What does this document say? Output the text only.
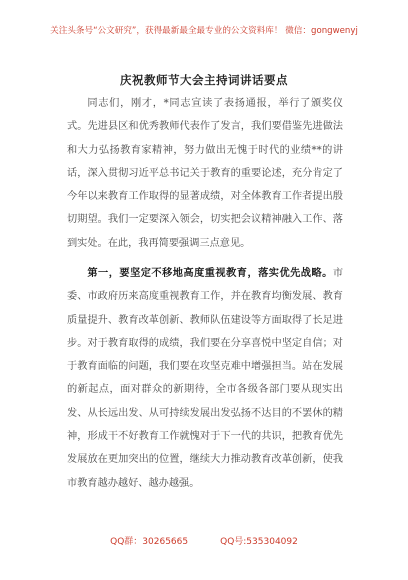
关注头条号“公文研究”，获得最新最全最专业的公文资料库！ 微信：gongwenyj
庆祝教师节大会主持词讲话要点

同志们，刚才，*同志宣读了表扬通报，举行了颁奖仪式。先进县区和优秀教师代表作了发言，我们要借鉴先进做法和大力弘扬教育家精神，努力做出无愧于时代的业绩**的讲话，深入贯彻习近平总书记关于教育的重要论述，充分肯定了今年以来教育工作取得的显著成绩，对全体教育工作者提出殷切期望。我们一定要深入领会，切实把会议精神融入工作、落到实处。在此，我再简要强调三点意见。

第一，要坚定不移地高度重视教育，落实优先战略。市委、市政府历来高度重视教育工作，并在教育均衡发展、教育质量提升、教育改革创新、教师队伍建设等方面取得了长足进步。对于教育取得的成绩，我们要在分享喜悦中坚定自信；对于教育面临的问题，我们要在攻坚克难中增强担当。站在发展的新起点，面对群众的新期待，全市各级各部门要从现实出发、从长远出发、从可持续发展出发弘扬不达目的不罢休的精神，形成干不好教育工作就愧对于下一代的共识，把教育优先发展放在更加突出的位置，继续大力推动教育改革创新，使我市教育越办越好、越办越强。

QQ群：30265665	QQ号:535304092
